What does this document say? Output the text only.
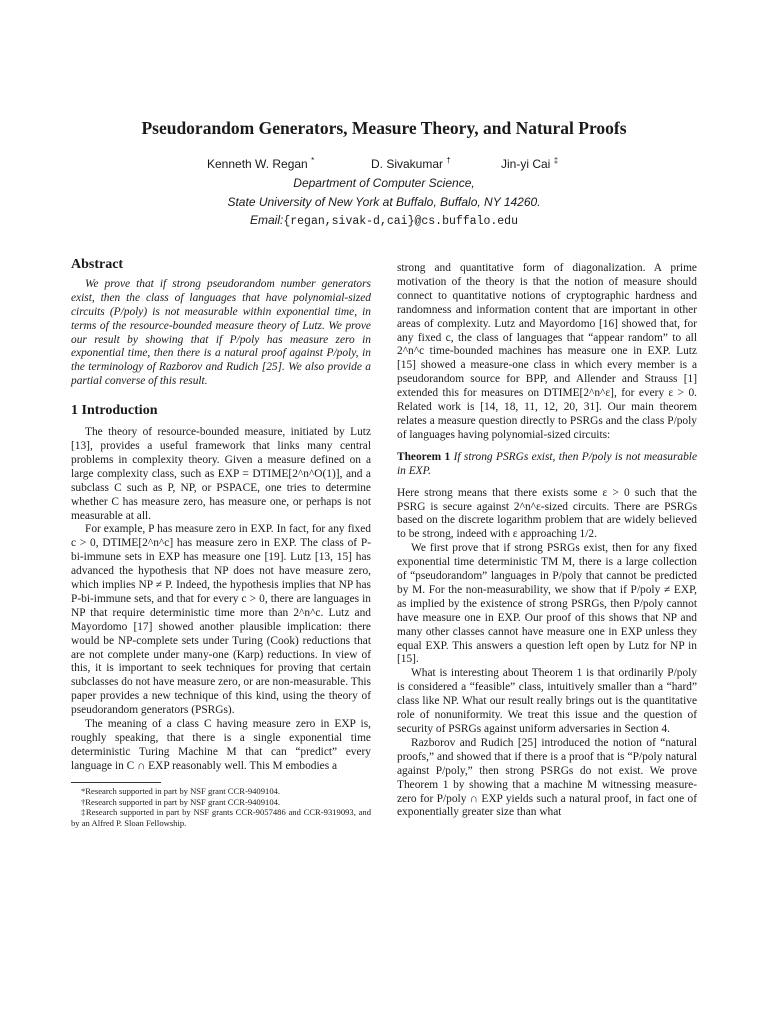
Pseudorandom Generators, Measure Theory, and Natural Proofs
Kenneth W. Regan *	D. Sivakumar †	Jin-yi Cai ‡
Department of Computer Science,
State University of New York at Buffalo, Buffalo, NY 14260.
Email:{regan,sivak-d,cai}@cs.buffalo.edu
Abstract

We prove that if strong pseudorandom number generators exist, then the class of languages that have polynomial-sized circuits (P/poly) is not measurable within exponential time, in terms of the resource-bounded measure theory of Lutz. We prove our result by showing that if P/poly has measure zero in exponential time, then there is a natural proof against P/poly, in the terminology of Razborov and Rudich [25]. We also provide a partial converse of this result.

1 Introduction

The theory of resource-bounded measure, initiated by Lutz [13], provides a useful framework that links many central problems in complexity theory. Given a measure defined on a large complexity class, such as EXP = DTIME[2^n^O(1)], and a subclass C such as P, NP, or PSPACE, one tries to determine whether C has measure zero, has measure one, or perhaps is not measurable at all.

For example, P has measure zero in EXP. In fact, for any fixed c > 0, DTIME[2^n^c] has measure zero in EXP. The class of P-bi-immune sets in EXP has measure one [19]. Lutz [13, 15] has advanced the hypothesis that NP does not have measure zero, which implies NP ≠ P. Indeed, the hypothesis implies that NP has P-bi-immune sets, and that for every c > 0, there are languages in NP that require deterministic time more than 2^n^c. Lutz and Mayordomo [17] showed another plausible implication: there would be NP-complete sets under Turing (Cook) reductions that are not complete under many-one (Karp) reductions. In view of this, it is important to seek techniques for proving that certain subclasses do not have measure zero, or are non-measurable. This paper provides a new technique of this kind, using the theory of pseudorandom generators (PSRGs).

The meaning of a class C having measure zero in EXP is, roughly speaking, that there is a single exponential time deterministic Turing Machine M that can “predict” every language in C ∩ EXP reasonably well. This M embodies a

*Research supported in part by NSF grant CCR-9409104.
†Research supported in part by NSF grant CCR-9409104.
‡Research supported in part by NSF grants CCR-9057486 and CCR-9319093, and by an Alfred P. Sloan Fellowship.

strong and quantitative form of diagonalization. A prime motivation of the theory is that the notion of measure should connect to quantitative notions of cryptographic hardness and randomness and information content that are important in other areas of complexity. Lutz and Mayordomo [16] showed that, for any fixed c, the class of languages that “appear random” to all 2^n^c time-bounded machines has measure one in EXP. Lutz [15] showed a measure-one class in which every member is a pseudorandom source for BPP, and Allender and Strauss [1] extended this for measures on DTIME[2^n^ε], for every ε > 0. Related work is [14, 18, 11, 12, 20, 31]. Our main theorem relates a measure question directly to PSRGs and the class P/poly of languages having polynomial-sized circuits:

Theorem 1 If strong PSRGs exist, then P/poly is not measurable in EXP.

Here strong means that there exists some ε > 0 such that the PSRG is secure against 2^n^ε-sized circuits. There are PSRGs based on the discrete logarithm problem that are widely believed to be strong, indeed with ε approaching 1/2.

We first prove that if strong PSRGs exist, then for any fixed exponential time deterministic TM M, there is a large collection of “pseudorandom” languages in P/poly that cannot be predicted by M. For the non-measurability, we show that if P/poly ≠ EXP, as implied by the existence of strong PSRGs, then P/poly cannot have measure one in EXP. Our proof of this shows that NP and many other classes cannot have measure one in EXP unless they equal EXP. This answers a question left open by Lutz for NP in [15].

What is interesting about Theorem 1 is that ordinarily P/poly is considered a “feasible” class, intuitively smaller than a “hard” class like NP. What our result really brings out is the quantitative role of nonuniformity. We treat this issue and the question of security of PSRGs against uniform adversaries in Section 4.

Razborov and Rudich [25] introduced the notion of “natural proofs,” and showed that if there is a proof that is “P/poly natural against P/poly,” then strong PSRGs do not exist. We prove Theorem 1 by showing that a machine M witnessing measure-zero for P/poly ∩ EXP yields such a natural proof, in fact one of exponentially greater size than what
